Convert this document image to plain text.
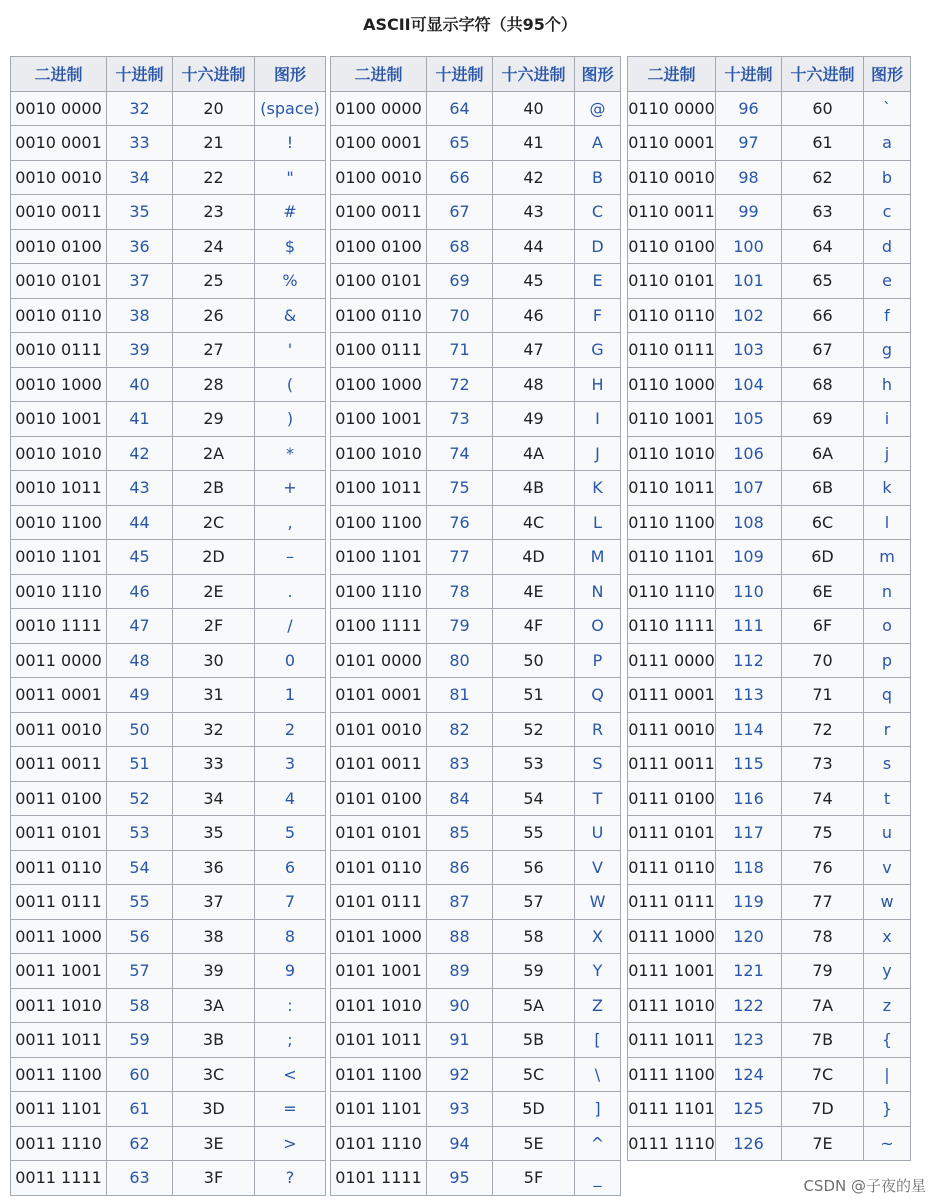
ASCII可显示字符（共95个）
二进制	十进制	十六进制	图形
0010 0000	32	20	(space)
0010 0001	33	21	!
0010 0010	34	22	"
0010 0011	35	23	#
0010 0100	36	24	$
0010 0101	37	25	%
0010 0110	38	26	&
0010 0111	39	27	'
0010 1000	40	28	(
0010 1001	41	29	)
0010 1010	42	2A	*
0010 1011	43	2B	+
0010 1100	44	2C	,
0010 1101	45	2D	–
0010 1110	46	2E	.
0010 1111	47	2F	/
0011 0000	48	30	0
0011 0001	49	31	1
0011 0010	50	32	2
0011 0011	51	33	3
0011 0100	52	34	4
0011 0101	53	35	5
0011 0110	54	36	6
0011 0111	55	37	7
0011 1000	56	38	8
0011 1001	57	39	9
0011 1010	58	3A	:
0011 1011	59	3B	;
0011 1100	60	3C	<
0011 1101	61	3D	=
0011 1110	62	3E	>
0011 1111	63	3F	?
二进制	十进制	十六进制	图形
0100 0000	64	40	@
0100 0001	65	41	A
0100 0010	66	42	B
0100 0011	67	43	C
0100 0100	68	44	D
0100 0101	69	45	E
0100 0110	70	46	F
0100 0111	71	47	G
0100 1000	72	48	H
0100 1001	73	49	I
0100 1010	74	4A	J
0100 1011	75	4B	K
0100 1100	76	4C	L
0100 1101	77	4D	M
0100 1110	78	4E	N
0100 1111	79	4F	O
0101 0000	80	50	P
0101 0001	81	51	Q
0101 0010	82	52	R
0101 0011	83	53	S
0101 0100	84	54	T
0101 0101	85	55	U
0101 0110	86	56	V
0101 0111	87	57	W
0101 1000	88	58	X
0101 1001	89	59	Y
0101 1010	90	5A	Z
0101 1011	91	5B	[
0101 1100	92	5C	\
0101 1101	93	5D	]
0101 1110	94	5E	^
0101 1111	95	5F	_
二进制	十进制	十六进制	图形
0110 0000	96	60	`
0110 0001	97	61	a
0110 0010	98	62	b
0110 0011	99	63	c
0110 0100	100	64	d
0110 0101	101	65	e
0110 0110	102	66	f
0110 0111	103	67	g
0110 1000	104	68	h
0110 1001	105	69	i
0110 1010	106	6A	j
0110 1011	107	6B	k
0110 1100	108	6C	l
0110 1101	109	6D	m
0110 1110	110	6E	n
0110 1111	111	6F	o
0111 0000	112	70	p
0111 0001	113	71	q
0111 0010	114	72	r
0111 0011	115	73	s
0111 0100	116	74	t
0111 0101	117	75	u
0111 0110	118	76	v
0111 0111	119	77	w
0111 1000	120	78	x
0111 1001	121	79	y
0111 1010	122	7A	z
0111 1011	123	7B	{
0111 1100	124	7C	|
0111 1101	125	7D	}
0111 1110	126	7E	~
CSDN @子夜的星
